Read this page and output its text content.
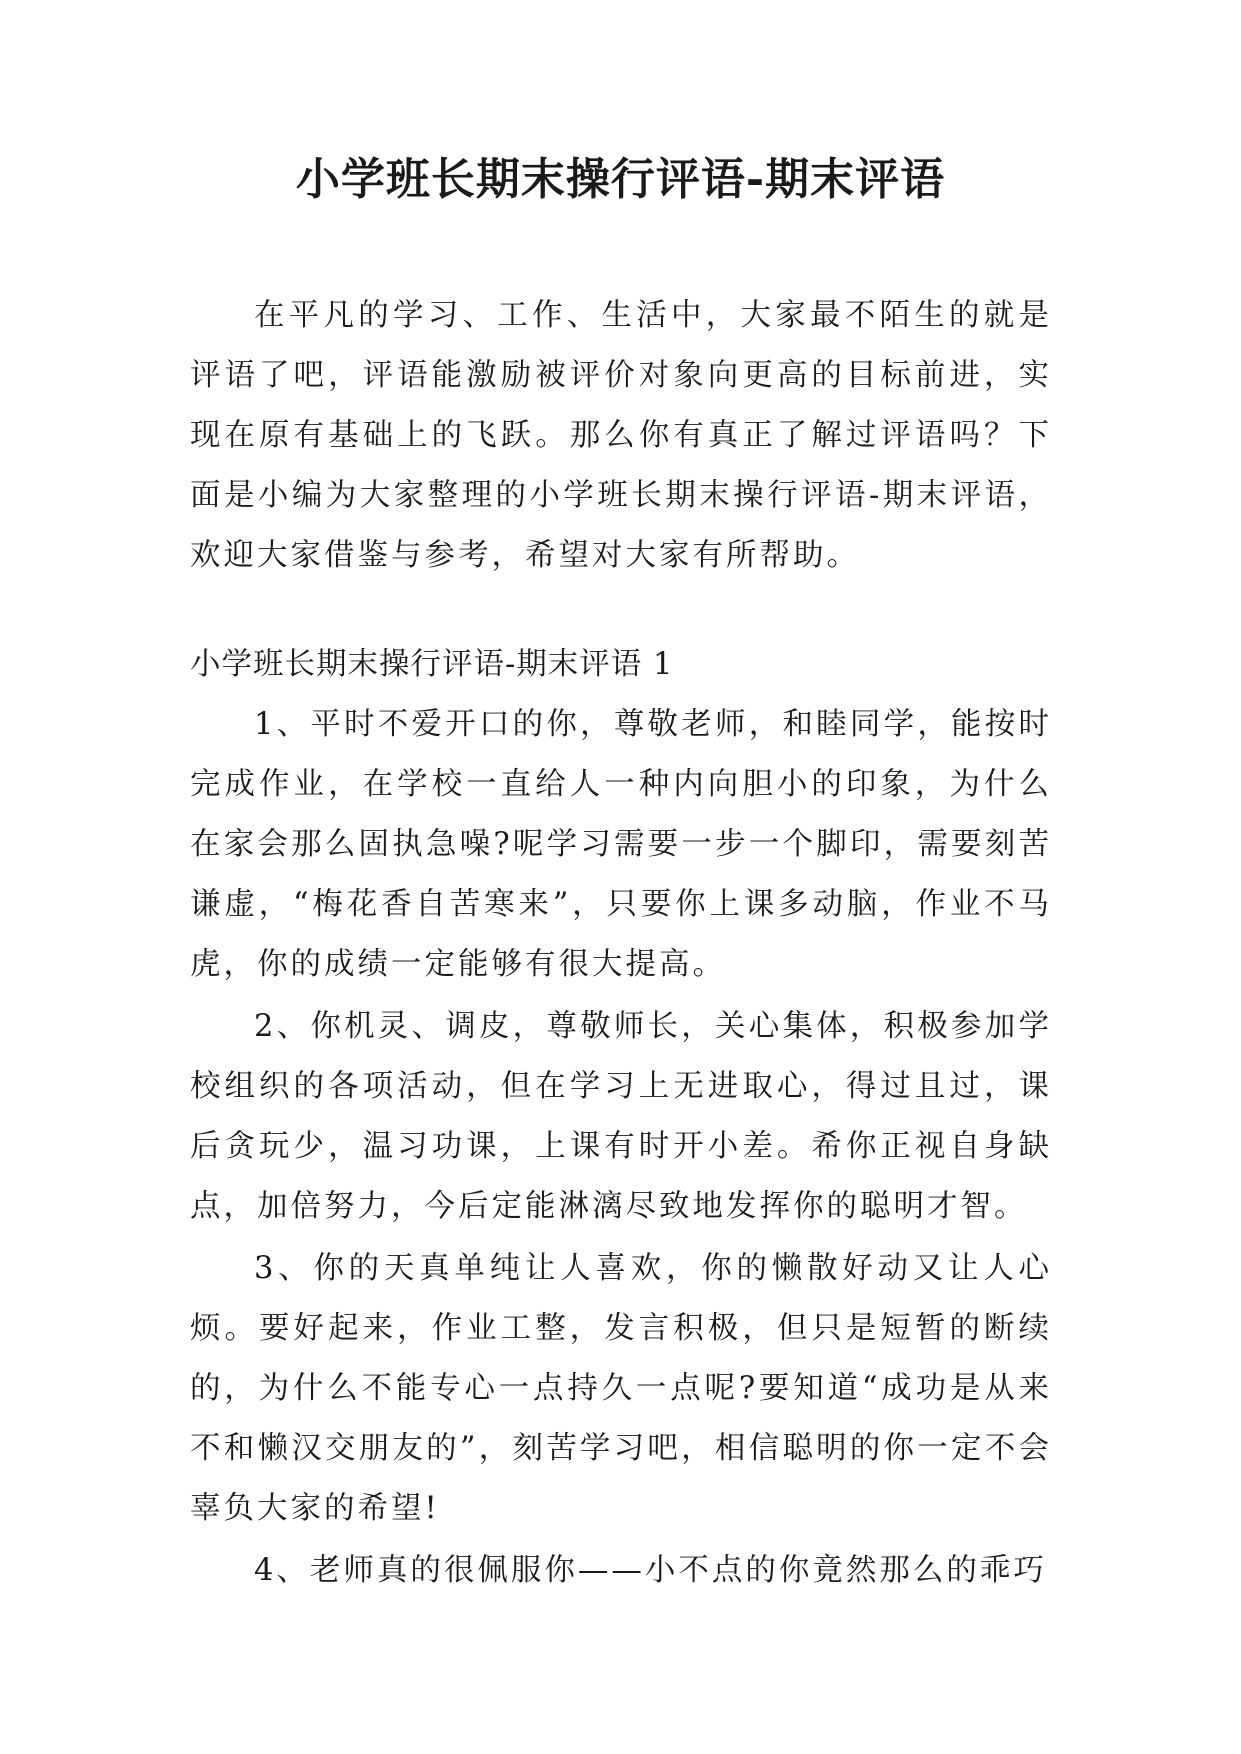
小学班长期末操行评语-期末评语

在平凡的学习、工作、生活中，大家最不陌生的就是评语了吧，评语能激励被评价对象向更高的目标前进，实现在原有基础上的飞跃。那么你有真正了解过评语吗？下面是小编为大家整理的小学班长期末操行评语-期末评语，欢迎大家借鉴与参考，希望对大家有所帮助。

小学班长期末操行评语-期末评语 1

1、平时不爱开口的你，尊敬老师，和睦同学，能按时完成作业，在学校一直给人一种内向胆小的印象，为什么在家会那么固执急噪?呢学习需要一步一个脚印，需要刻苦谦虚，“梅花香自苦寒来”，只要你上课多动脑，作业不马虎，你的成绩一定能够有很大提高。

2、你机灵、调皮，尊敬师长，关心集体，积极参加学校组织的各项活动，但在学习上无进取心，得过且过，课后贪玩少，温习功课，上课有时开小差。希你正视自身缺点，加倍努力，今后定能淋漓尽致地发挥你的聪明才智。

3、你的天真单纯让人喜欢，你的懒散好动又让人心烦。要好起来，作业工整，发言积极，但只是短暂的断续的，为什么不能专心一点持久一点呢?要知道“成功是从来不和懒汉交朋友的”，刻苦学习吧，相信聪明的你一定不会辜负大家的希望!

4、老师真的很佩服你——小不点的你竟然那么的乖巧
